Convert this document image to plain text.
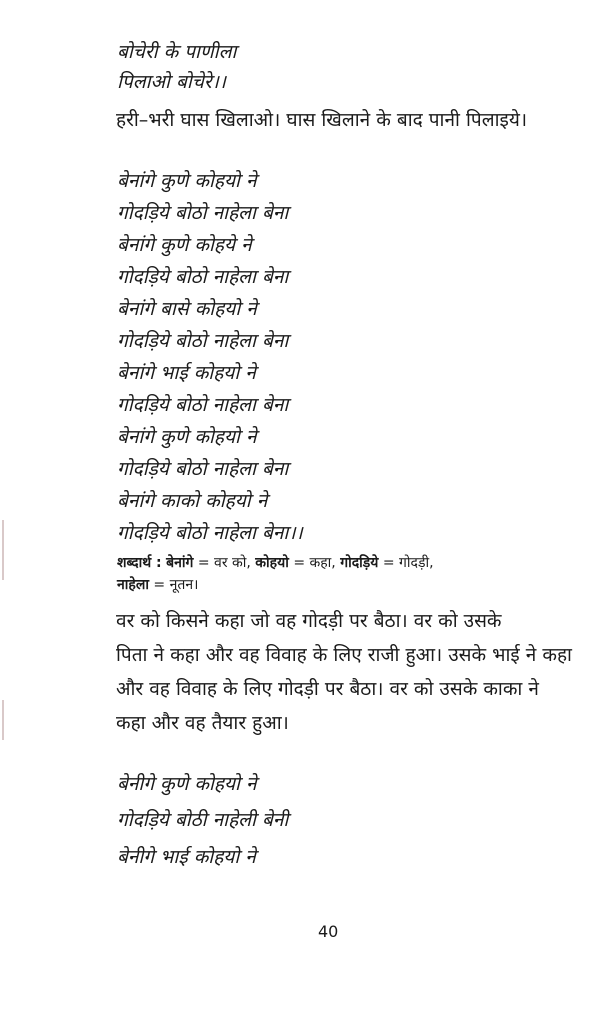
बोचेरी के पाणीला
पिलाओ बोचेरे।।
हरी–भरी घास खिलाओ। घास खिलाने के बाद पानी पिलाइये।
बेनांगे कुणे कोहयो ने
गोदड़िये बोठो नाहेला बेना
बेनांगे कुणे कोहये ने
गोदड़िये बोठो नाहेला बेना
बेनांगे बासे कोहयो ने
गोदड़िये बोठो नाहेला बेना
बेनांगे भाई कोहयो ने
गोदड़िये बोठो नाहेला बेना
बेनांगे कुणे कोहयो ने
गोदड़िये बोठो नाहेला बेना
बेनांगे काको कोहयो ने
गोदड़िये बोठो नाहेला बेना।।
शब्दार्थ : बेनांगे = वर को, कोहयो = कहा, गोदड़िये = गोदड़ी,
नाहेला = नूतन।
वर को किसने कहा जो वह गोदड़ी पर बैठा। वर को उसके
पिता ने कहा और वह विवाह के लिए राजी हुआ। उसके भाई ने कहा
और वह विवाह के लिए गोदड़ी पर बैठा। वर को उसके काका ने
कहा और वह तैयार हुआ।
बेनीगे कुणे कोहयो ने
गोदड़िये बोठी नाहेली बेनी
बेनीगे भाई कोहयो ने
40
